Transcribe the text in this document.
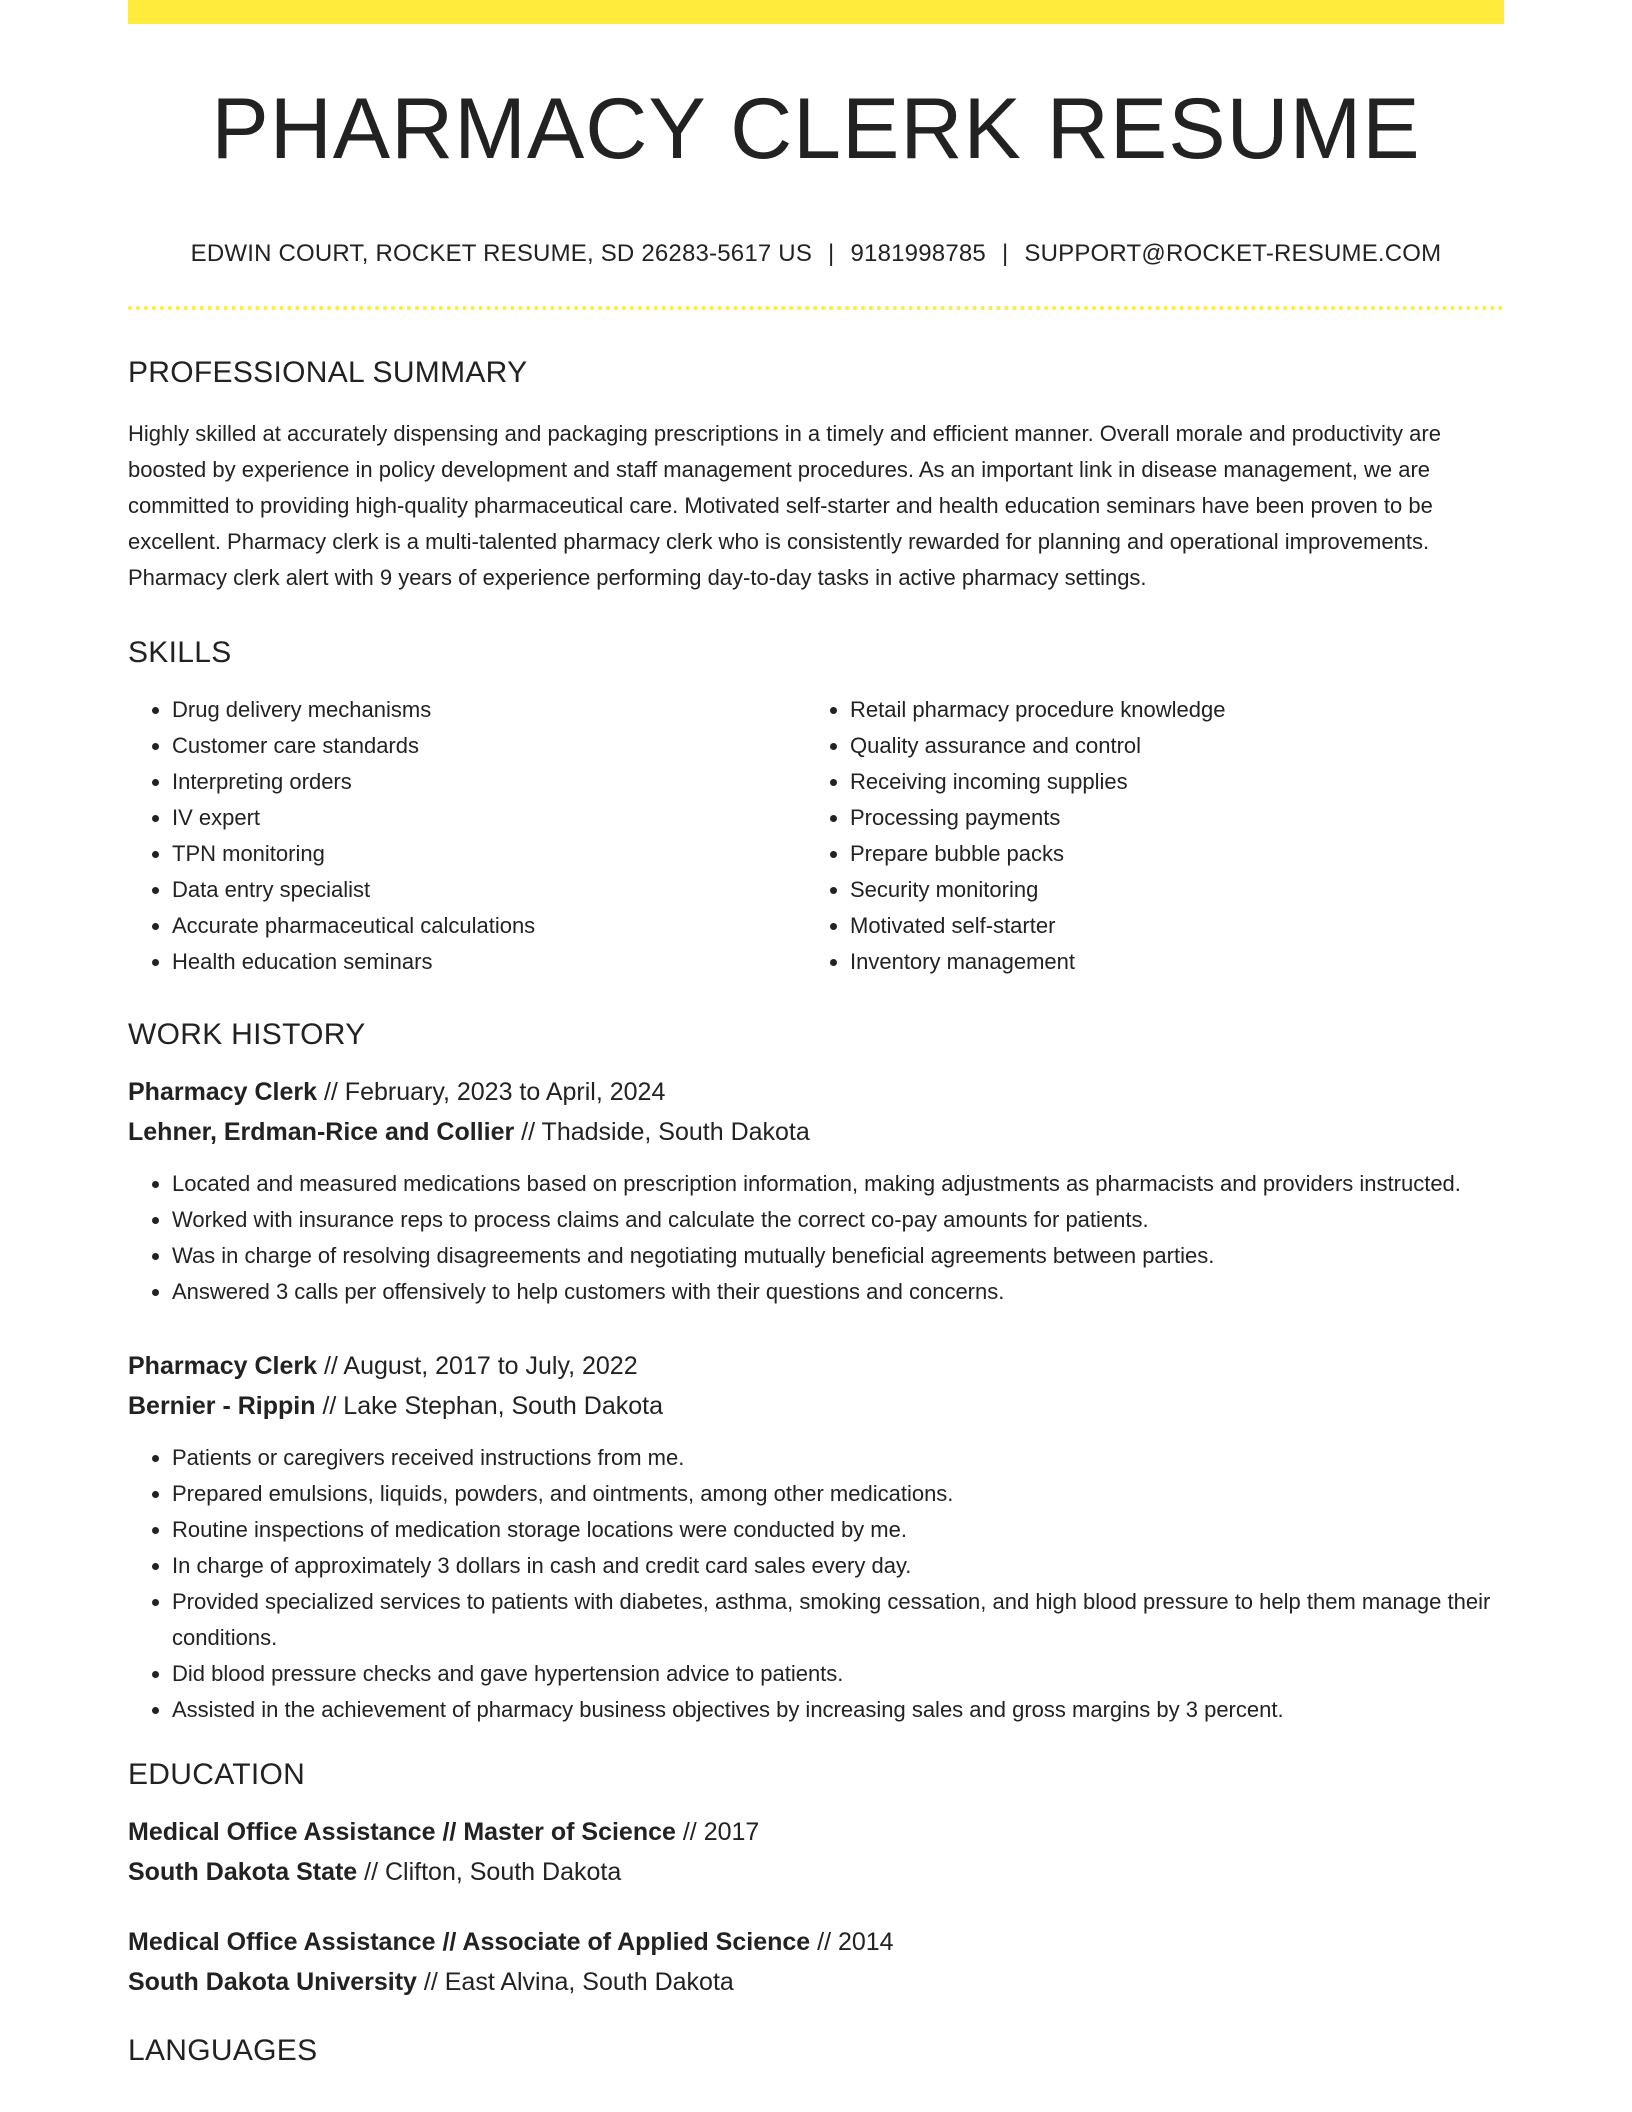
PHARMACY CLERK RESUME
EDWIN COURT, ROCKET RESUME, SD 26283-5617 US | 9181998785 | SUPPORT@ROCKET-RESUME.COM
PROFESSIONAL SUMMARY

Highly skilled at accurately dispensing and packaging prescriptions in a timely and efficient manner. Overall morale and productivity are boosted by experience in policy development and staff management procedures. As an important link in disease management, we are committed to providing high-quality pharmaceutical care. Motivated self-starter and health education seminars have been proven to be excellent. Pharmacy clerk is a multi-talented pharmacy clerk who is consistently rewarded for planning and operational improvements. Pharmacy clerk alert with 9 years of experience performing day-to-day tasks in active pharmacy settings.

SKILLS
• Drug delivery mechanisms
• Customer care standards
• Interpreting orders
• IV expert
• TPN monitoring
• Data entry specialist
• Accurate pharmaceutical calculations
• Health education seminars
• Retail pharmacy procedure knowledge
• Quality assurance and control
• Receiving incoming supplies
• Processing payments
• Prepare bubble packs
• Security monitoring
• Motivated self-starter
• Inventory management
WORK HISTORY
Pharmacy Clerk // February, 2023 to April, 2024
Lehner, Erdman-Rice and Collier // Thadside, South Dakota
• Located and measured medications based on prescription information, making adjustments as pharmacists and providers instructed.
• Worked with insurance reps to process claims and calculate the correct co-pay amounts for patients.
• Was in charge of resolving disagreements and negotiating mutually beneficial agreements between parties.
• Answered 3 calls per offensively to help customers with their questions and concerns.
Pharmacy Clerk // August, 2017 to July, 2022
Bernier - Rippin // Lake Stephan, South Dakota
• Patients or caregivers received instructions from me.
• Prepared emulsions, liquids, powders, and ointments, among other medications.
• Routine inspections of medication storage locations were conducted by me.
• In charge of approximately 3 dollars in cash and credit card sales every day.
• Provided specialized services to patients with diabetes, asthma, smoking cessation, and high blood pressure to help them manage their conditions.
• Did blood pressure checks and gave hypertension advice to patients.
• Assisted in the achievement of pharmacy business objectives by increasing sales and gross margins by 3 percent.
EDUCATION
Medical Office Assistance // Master of Science // 2017
South Dakota State // Clifton, South Dakota
Medical Office Assistance // Associate of Applied Science // 2014
South Dakota University // East Alvina, South Dakota
LANGUAGES
